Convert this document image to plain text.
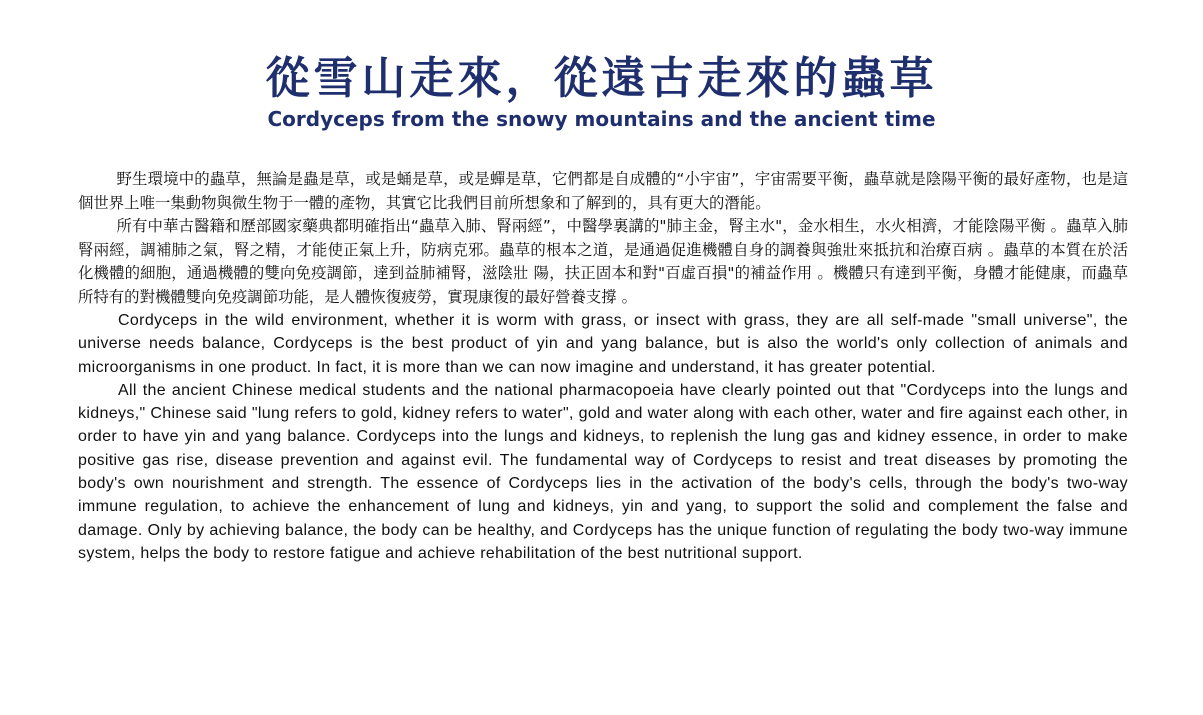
從雪山走來，從遠古走來的蟲草
Cordyceps from the snowy mountains and the ancient time

野生環境中的蟲草，無論是蟲是草，或是蛹是草，或是蟬是草，它們都是自成體的“小宇宙”，宇宙需要平衡，蟲草就是陰陽平衡的最好產物，也是這個世界上唯一集動物與微生物于一體的產物，其實它比我們目前所想象和了解到的，具有更大的潛能。

所有中華古醫籍和歷部國家藥典都明確指出“蟲草入肺、腎兩經”，中醫學裏講的"肺主金，腎主水"，金水相生，水火相濟，才能陰陽平衡 。蟲草入肺腎兩經，調補肺之氣，腎之精，才能使正氣上升，防病克邪。蟲草的根本之道，是通過促進機體自身的調養與強壯來抵抗和治療百病 。蟲草的本質在於活化機體的細胞，通過機體的雙向免疫調節，達到益肺補腎，滋陰壯 陽，扶正固本和對"百虛百損"的補益作用 。機體只有達到平衡，身體才能健康，而蟲草所特有的對機體雙向免疫調節功能，是人體恢復疲勞，實現康復的最好營養支撐 。

Cordyceps in the wild environment, whether it is worm with grass, or insect with grass, they are all self-made "small universe", the universe needs balance, Cordyceps is the best product of yin and yang balance, but is also the world's only collection of animals and microorganisms in one product. In fact, it is more than we can now imagine and understand, it has greater potential.

All the ancient Chinese medical students and the national pharmacopoeia have clearly pointed out that "Cordyceps into the lungs and kidneys," Chinese said "lung refers to gold, kidney refers to water", gold and water along with each other, water and fire against each other, in order to have yin and yang balance. Cordyceps into the lungs and kidneys, to replenish the lung gas and kidney essence, in order to make positive gas rise, disease prevention and against evil. The fundamental way of Cordyceps to resist and treat diseases by promoting the body's own nourishment and strength. The essence of Cordyceps lies in the activation of the body's cells, through the body's two-way immune regulation, to achieve the enhancement of lung and kidneys, yin and yang, to support the solid and complement the false and damage. Only by achieving balance, the body can be healthy, and Cordyceps has the unique function of regulating the body two-way immune system, helps the body to restore fatigue and achieve rehabilitation of the best nutritional support.
